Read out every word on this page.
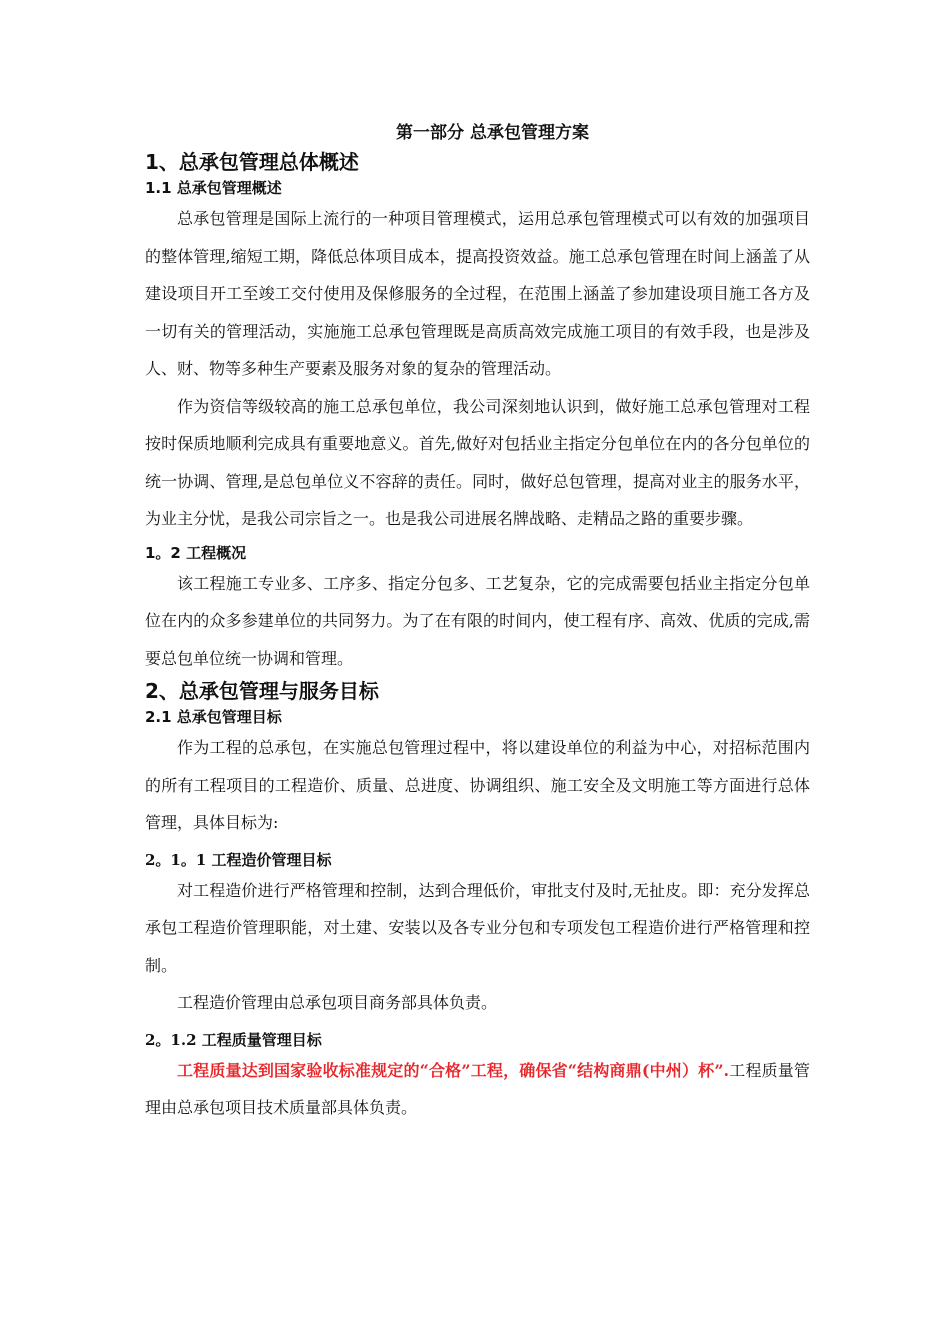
第一部分 总承包管理方案
1、总承包管理总体概述
1.1 总承包管理概述

总承包管理是国际上流行的一种项目管理模式，运用总承包管理模式可以有效的加强项目的整体管理,缩短工期，降低总体项目成本，提高投资效益。施工总承包管理在时间上涵盖了从建设项目开工至竣工交付使用及保修服务的全过程，在范围上涵盖了参加建设项目施工各方及一切有关的管理活动，实施施工总承包管理既是高质高效完成施工项目的有效手段，也是涉及人、财、物等多种生产要素及服务对象的复杂的管理活动。

作为资信等级较高的施工总承包单位，我公司深刻地认识到，做好施工总承包管理对工程按时保质地顺利完成具有重要地意义。首先,做好对包括业主指定分包单位在内的各分包单位的统一协调、管理,是总包单位义不容辞的责任。同时，做好总包管理，提高对业主的服务水平，为业主分忧，是我公司宗旨之一。也是我公司进展名牌战略、走精品之路的重要步骤。

1。2 工程概况

该工程施工专业多、工序多、指定分包多、工艺复杂，它的完成需要包括业主指定分包单位在内的众多参建单位的共同努力。为了在有限的时间内，使工程有序、高效、优质的完成,需要总包单位统一协调和管理。

2、总承包管理与服务目标
2.1 总承包管理目标

作为工程的总承包，在实施总包管理过程中，将以建设单位的利益为中心，对招标范围内的所有工程项目的工程造价、质量、总进度、协调组织、施工安全及文明施工等方面进行总体管理，具体目标为:

2。1。1 工程造价管理目标

对工程造价进行严格管理和控制，达到合理低价，审批支付及时,无扯皮。即：充分发挥总承包工程造价管理职能，对土建、安装以及各专业分包和专项发包工程造价进行严格管理和控制。

工程造价管理由总承包项目商务部具体负责。

2。1.2 工程质量管理目标

工程质量达到国家验收标准规定的“合格”工程，确保省“结构商鼎(中州）杯”.工程质量管理由总承包项目技术质量部具体负责。
